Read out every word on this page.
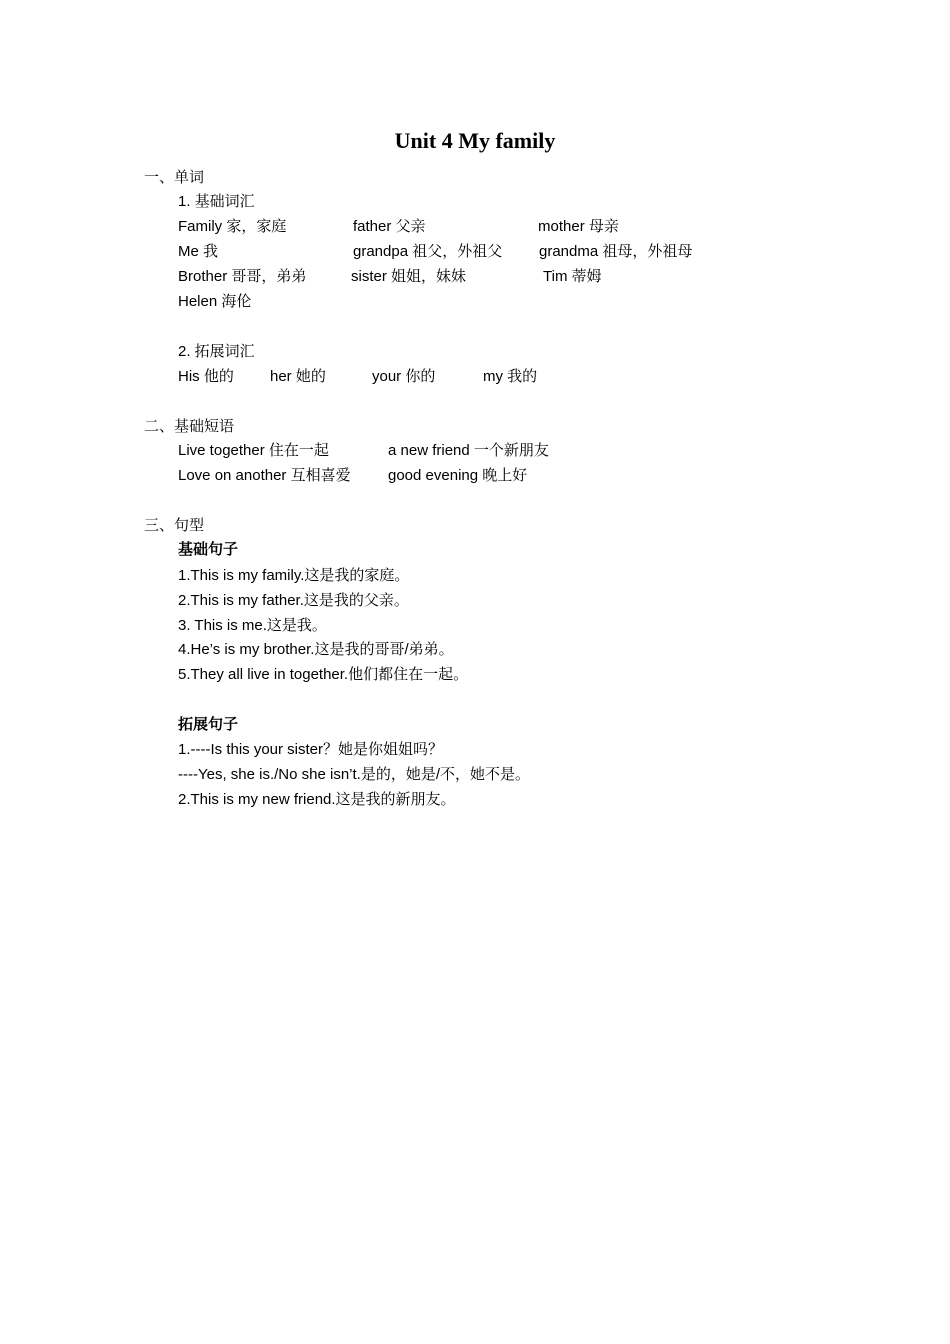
Unit 4 My family
一、单词
1. 基础词汇
Family 家，家庭	father 父亲	mother 母亲
Me 我	grandpa 祖父，外祖父 grandma 祖母，外祖母
Brother 哥哥，弟弟	sister 姐姐，妹妹	Tim 蒂姆
Helen 海伦
2. 拓展词汇
His 他的 her 她的	your 你的	my 我的
二、基础短语
Live together 住在一起	a new friend 一个新朋友
Love on another 互相喜爱 good evening 晚上好
三、句型
基础句子
1.This is my family.这是我的家庭。
2.This is my father.这是我的父亲。
3. This is me.这是我。
4.He’s is my brother.这是我的哥哥/弟弟。
5.They all live in together.他们都住在一起。
拓展句子
1.----Is this your sister？她是你姐姐吗？
----Yes, she is./No she isn’t.是的，她是/不，她不是。
2.This is my new friend.这是我的新朋友。
